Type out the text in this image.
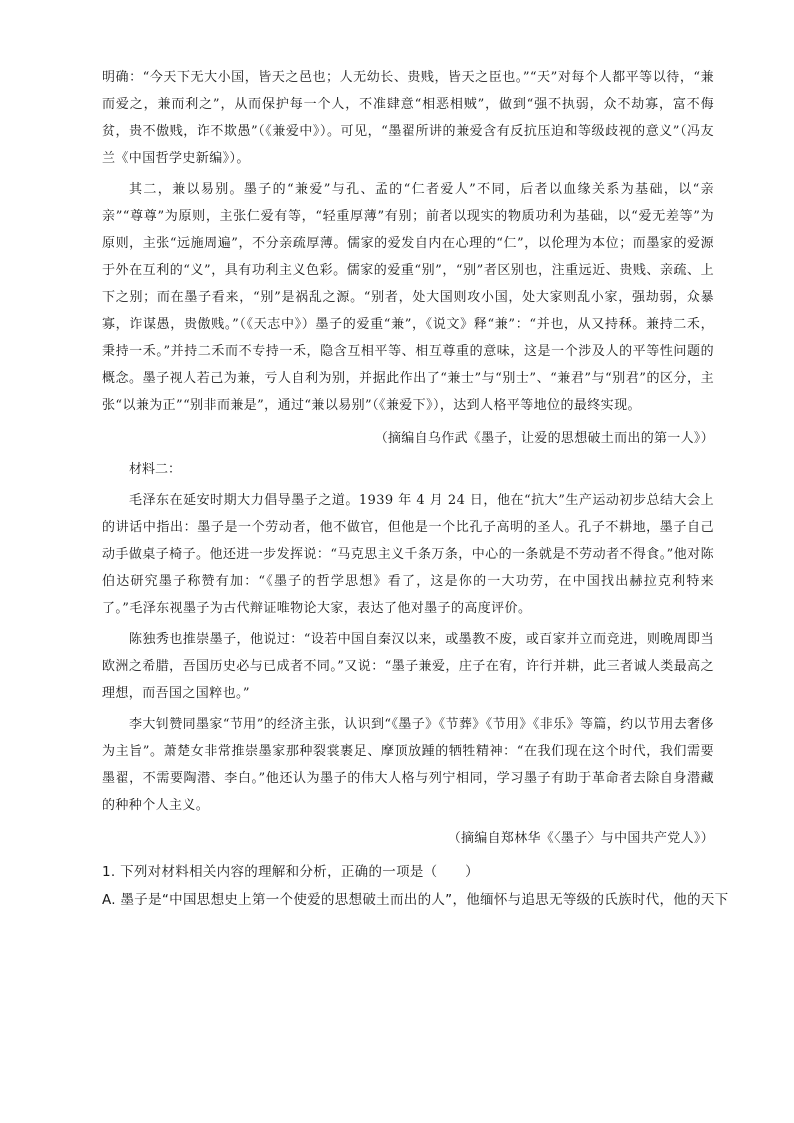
明确：“今天下无大小国，皆天之邑也；人无幼长、贵贱，皆天之臣也。”“天”对每个人都平等以待，“兼而爱之，兼而利之”，从而保护每一个人，不准肆意“相恶相贼”，做到“强不执弱，众不劫寡，富不侮贫，贵不傲贱，诈不欺愚”（《兼爱中》）。可见，“墨翟所讲的兼爱含有反抗压迫和等级歧视的意义”（冯友兰《中国哲学史新编》）。

其二，兼以易别。墨子的“兼爱”与孔、孟的“仁者爱人”不同，后者以血缘关系为基础，以“亲亲”“尊尊”为原则，主张仁爱有等，“轻重厚薄”有别；前者以现实的物质功利为基础，以“爱无差等”为原则，主张“远施周遍”，不分亲疏厚薄。儒家的爱发自内在心理的“仁”，以伦理为本位；而墨家的爱源于外在互利的“义”，具有功利主义色彩。儒家的爱重“别”，“别”者区别也，注重远近、贵贱、亲疏、上下之别；而在墨子看来，“别”是祸乱之源。“别者，处大国则攻小国，处大家则乱小家，强劫弱，众暴寡，诈谋愚，贵傲贱。”（《天志中》）墨子的爱重“兼”，《说文》释“兼”：“并也，从又持秝。兼持二禾，秉持一禾。”并持二禾而不专持一禾，隐含互相平等、相互尊重的意味，这是一个涉及人的平等性问题的概念。墨子视人若己为兼，亏人自利为别，并据此作出了“兼士”与“别士”、“兼君”与“别君”的区分，主张“以兼为正”“别非而兼是”，通过“兼以易别”（《兼爱下》），达到人格平等地位的最终实现。

（摘编自乌作武《墨子，让爱的思想破土而出的第一人》）

材料二：

毛泽东在延安时期大力倡导墨子之道。1939 年 4 月 24 日，他在“抗大”生产运动初步总结大会上的讲话中指出：墨子是一个劳动者，他不做官，但他是一个比孔子高明的圣人。孔子不耕地，墨子自己动手做桌子椅子。他还进一步发挥说：“马克思主义千条万条，中心的一条就是不劳动者不得食。”他对陈伯达研究墨子称赞有加：“《墨子的哲学思想》看了，这是你的一大功劳，在中国找出赫拉克利特来了。”毛泽东视墨子为古代辩证唯物论大家，表达了他对墨子的高度评价。

陈独秀也推崇墨子，他说过：“设若中国自秦汉以来，或墨教不废，或百家并立而竞进，则晚周即当欧洲之希腊，吾国历史必与已成者不同。”又说：“墨子兼爱，庄子在宥，许行并耕，此三者诚人类最高之理想，而吾国之国粹也。”

李大钊赞同墨家“节用”的经济主张，认识到“《墨子》《节葬》《节用》《非乐》等篇，约以节用去奢侈为主旨”。萧楚女非常推崇墨家那种裂裳裹足、摩顶放踵的牺牲精神：“在我们现在这个时代，我们需要墨翟，不需要陶潜、李白。”他还认为墨子的伟大人格与列宁相同，学习墨子有助于革命者去除自身潜藏的种种个人主义。

（摘编自郑林华《〈墨子〉与中国共产党人》）

1. 下列对材料相关内容的理解和分析，正确的一项是（　　）

A. 墨子是“中国思想史上第一个使爱的思想破土而出的人”，他缅怀与追思无等级的氏族时代，他的天下
